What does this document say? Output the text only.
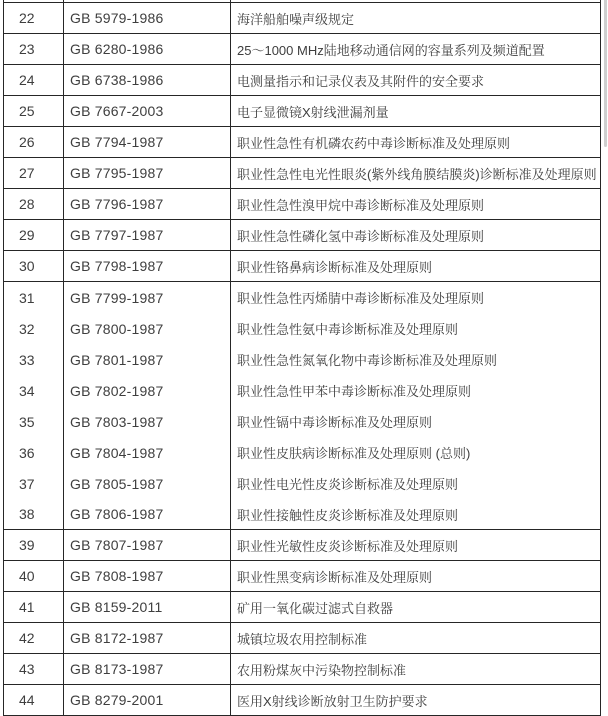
22	GB 5979-1986	海洋船舶噪声级规定
23	GB 6280-1986	25～1000 MHz陆地移动通信网的容量系列及频道配置
24	GB 6738-1986	电测量指示和记录仪表及其附件的安全要求
25	GB 7667-2003	电子显微镜X射线泄漏剂量
26	GB 7794-1987	职业性急性有机磷农药中毒诊断标准及处理原则
27	GB 7795-1987	职业性急性电光性眼炎(紫外线角膜结膜炎)诊断标准及处理原则
28	GB 7796-1987	职业性急性溴甲烷中毒诊断标准及处理原则
29	GB 7797-1987	职业性急性磷化氢中毒诊断标准及处理原则
30	GB 7798-1987	职业性铬鼻病诊断标准及处理原则
31	GB 7799-1987	职业性急性丙烯腈中毒诊断标准及处理原则
32	GB 7800-1987	职业性急性氨中毒诊断标准及处理原则
33	GB 7801-1987	职业性急性氮氧化物中毒诊断标准及处理原则
34	GB 7802-1987	职业性急性甲苯中毒诊断标准及处理原则
35	GB 7803-1987	职业性镉中毒诊断标准及处理原则
36	GB 7804-1987	职业性皮肤病诊断标准及处理原则 (总则)
37	GB 7805-1987	职业性电光性皮炎诊断标准及处理原则
38	GB 7806-1987	职业性接触性皮炎诊断标准及处理原则
39	GB 7807-1987	职业性光敏性皮炎诊断标准及处理原则
40	GB 7808-1987	职业性黑变病诊断标准及处理原则
41	GB 8159-2011	矿用一氧化碳过滤式自救器
42	GB 8172-1987	城镇垃圾农用控制标准
43	GB 8173-1987	农用粉煤灰中污染物控制标准
44	GB 8279-2001	医用X射线诊断放射卫生防护要求
